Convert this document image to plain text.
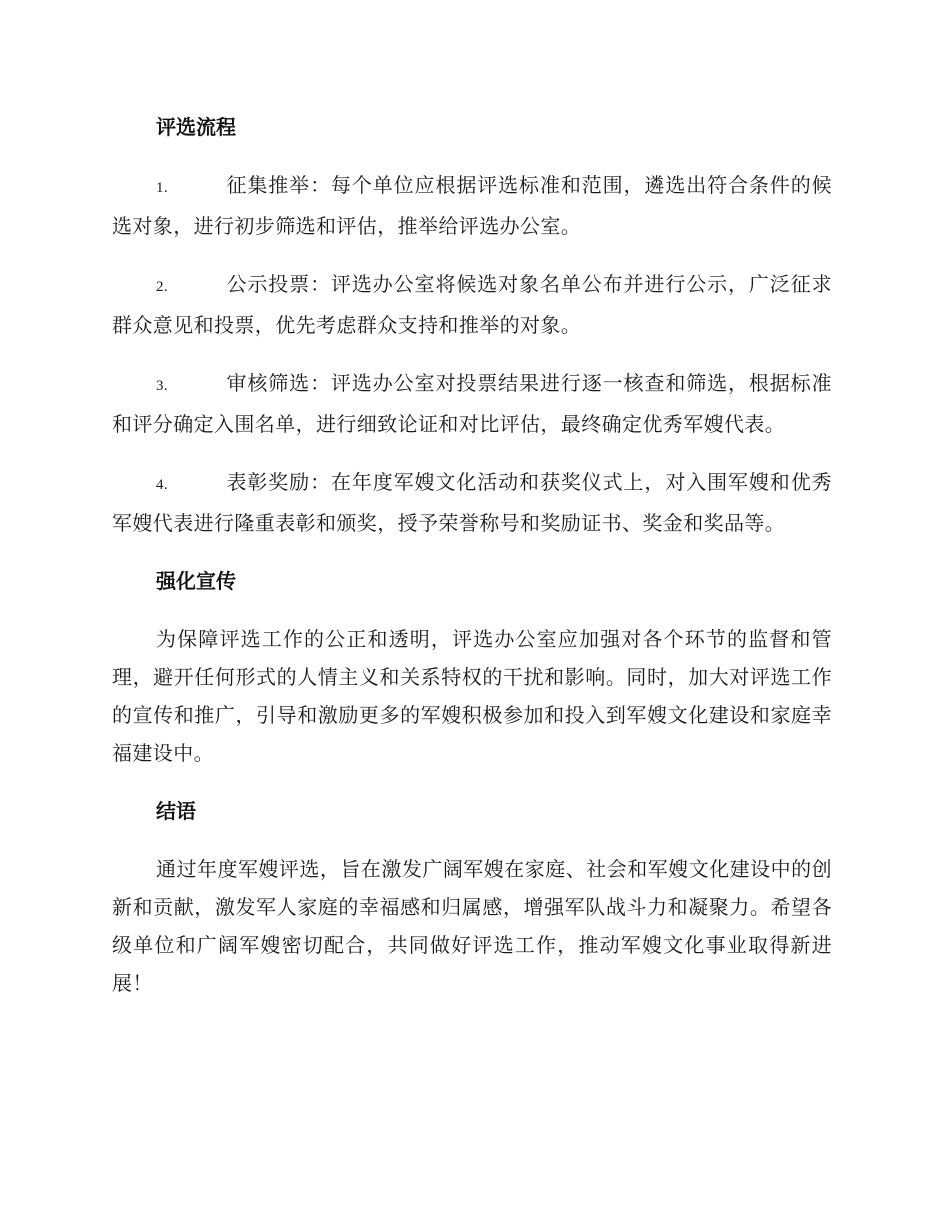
评选流程

1.	征集推举：每个单位应根据评选标准和范围，遴选出符合条件的候选对象，进行初步筛选和评估，推举给评选办公室。

2.	公示投票：评选办公室将候选对象名单公布并进行公示，广泛征求群众意见和投票，优先考虑群众支持和推举的对象。

3.	审核筛选：评选办公室对投票结果进行逐一核查和筛选，根据标准和评分确定入围名单，进行细致论证和对比评估，最终确定优秀军嫂代表。

4.	表彰奖励：在年度军嫂文化活动和获奖仪式上，对入围军嫂和优秀军嫂代表进行隆重表彰和颁奖，授予荣誉称号和奖励证书、奖金和奖品等。

强化宣传

为保障评选工作的公正和透明，评选办公室应加强对各个环节的监督和管理，避开任何形式的人情主义和关系特权的干扰和影响。同时，加大对评选工作的宣传和推广，引导和激励更多的军嫂积极参加和投入到军嫂文化建设和家庭幸福建设中。

结语

通过年度军嫂评选，旨在激发广阔军嫂在家庭、社会和军嫂文化建设中的创新和贡献，激发军人家庭的幸福感和归属感，增强军队战斗力和凝聚力。希望各级单位和广阔军嫂密切配合，共同做好评选工作，推动军嫂文化事业取得新进展！
